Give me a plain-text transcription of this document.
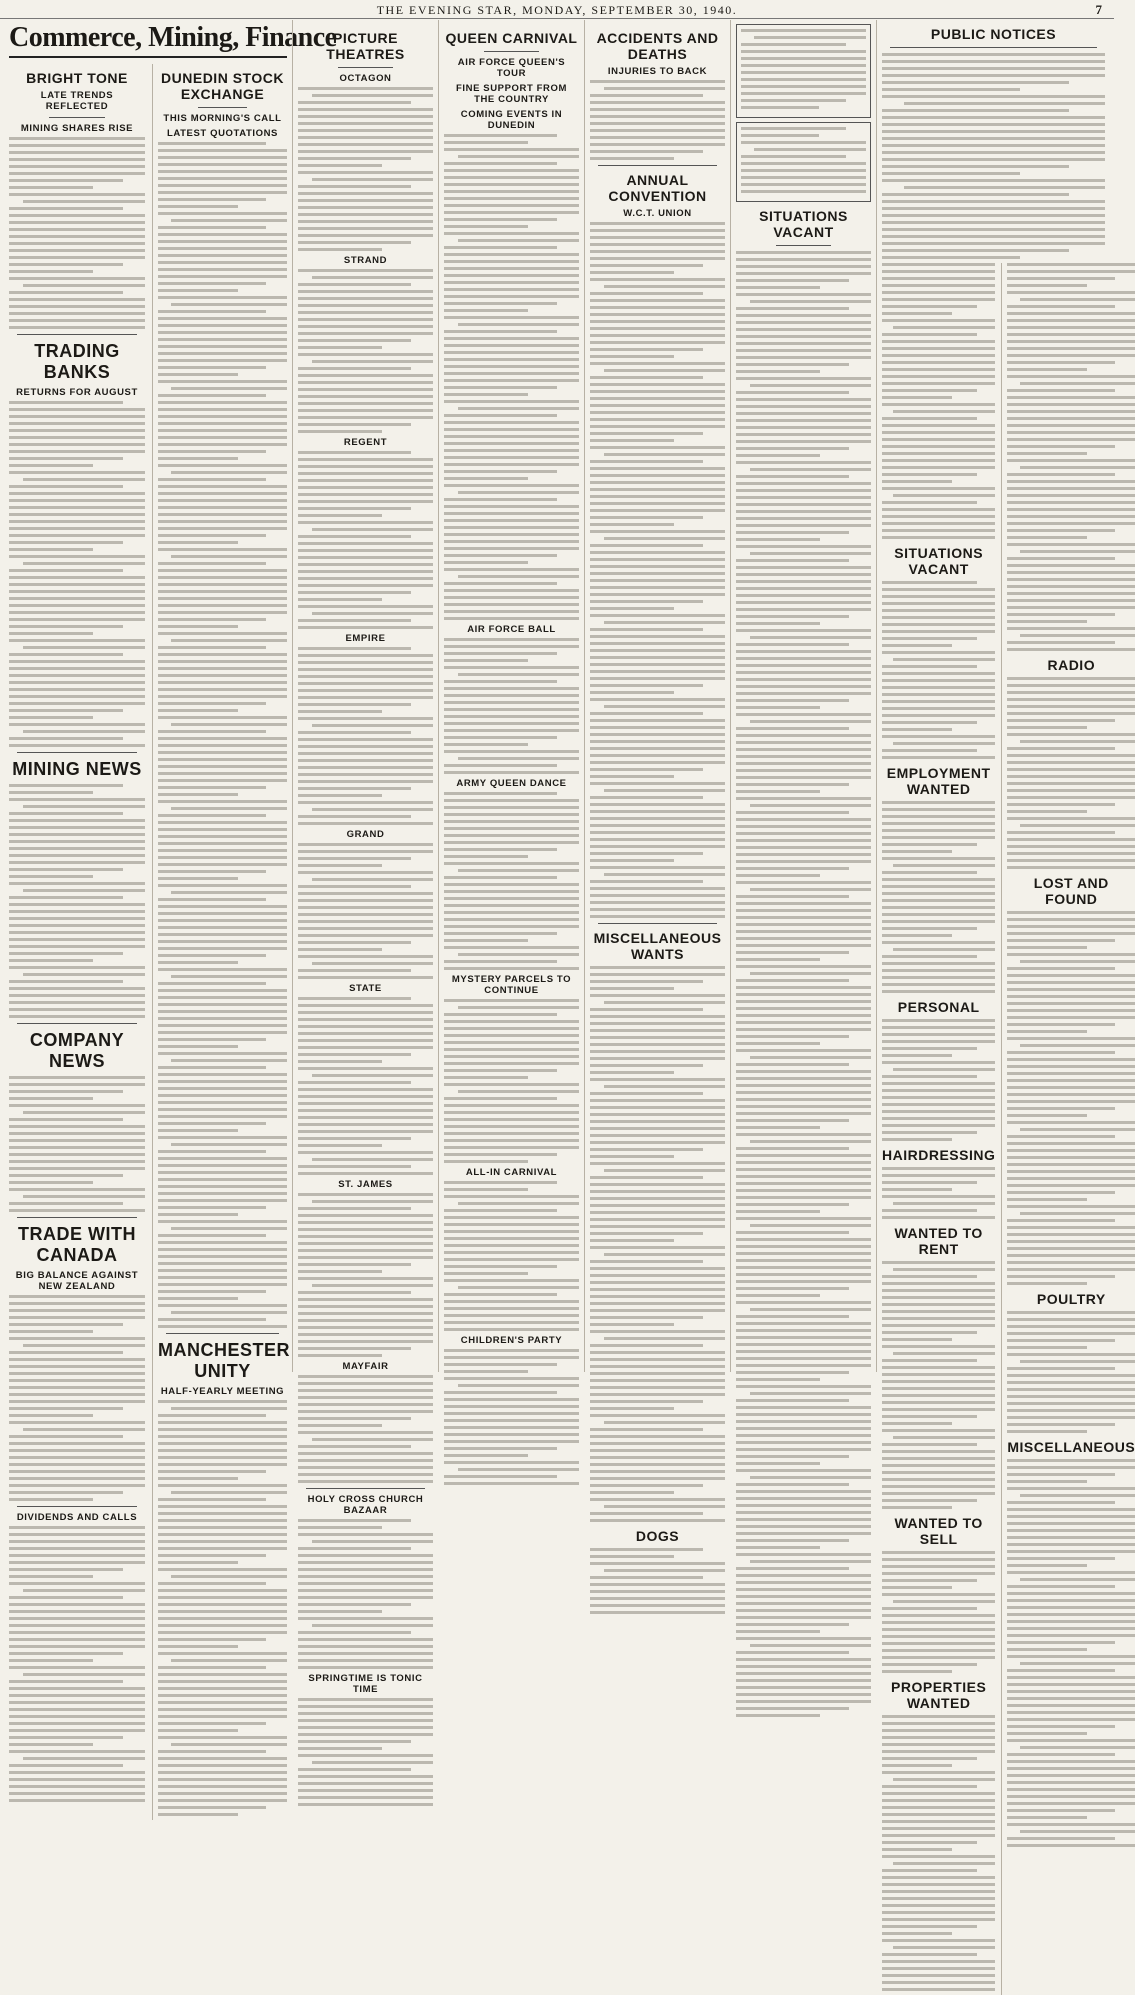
THE EVENING STAR, MONDAY, SEPTEMBER 30, 1940.	7
Commerce, Mining, Finance
BRIGHT TONE
LATE TRENDS REFLECTED
MINING SHARES RISE
TRADING BANKS
RETURNS FOR AUGUST
MINING NEWS
COMPANY NEWS
TRADE WITH CANADA
BIG BALANCE AGAINST NEW ZEALAND
DIVIDENDS AND CALLS
DUNEDIN STOCK EXCHANGE
THIS MORNING'S CALL
LATEST QUOTATIONS
MANCHESTER UNITY
HALF-YEARLY MEETING
PICTURE THEATRES
OCTAGON
STRAND
REGENT
EMPIRE
GRAND
STATE
ST. JAMES
MAYFAIR
HOLY CROSS CHURCH BAZAAR
SPRINGTIME IS TONIC TIME
QUEEN CARNIVAL
AIR FORCE QUEEN'S TOUR
FINE SUPPORT FROM THE COUNTRY
COMING EVENTS IN DUNEDIN
AIR FORCE BALL
ARMY QUEEN DANCE
MYSTERY PARCELS TO CONTINUE
ALL-IN CARNIVAL
CHILDREN'S PARTY
ACCIDENTS AND DEATHS
INJURIES TO BACK
ANNUAL CONVENTION
W.C.T. UNION
MISCELLANEOUS WANTS
DOGS
SITUATIONS VACANT
PUBLIC NOTICES
SITUATIONS VACANT
EMPLOYMENT WANTED
PERSONAL
HAIRDRESSING
WANTED TO RENT
WANTED TO SELL
PROPERTIES WANTED
RADIO
LOST AND FOUND
POULTRY
MISCELLANEOUS
